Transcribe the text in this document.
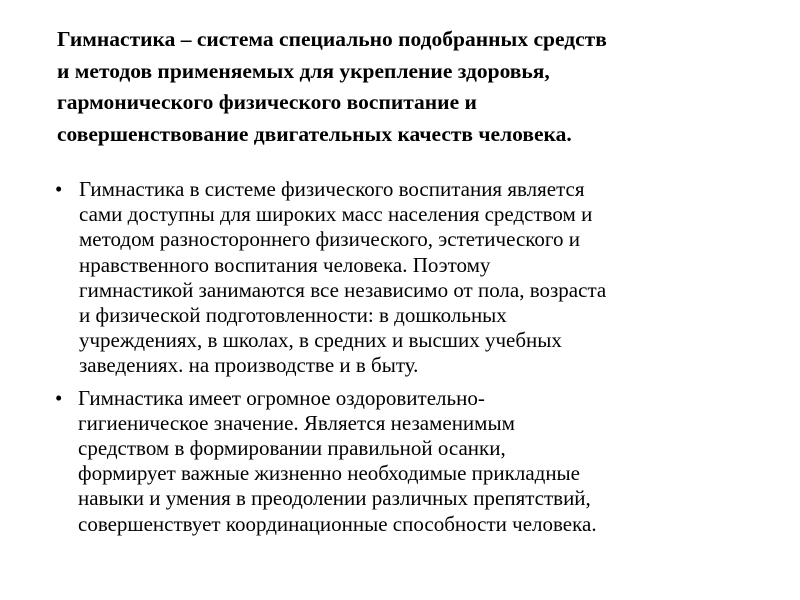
Гимнастика – система специально подобранных средств
и методов применяемых для укрепление здоровья,
гармонического физического воспитание и
совершенствование двигательных качеств человека.
• Гимнастика в системе физического воспитания является
сами доступны для широких масс населения средством и
методом разностороннего физического, эстетического и
нравственного воспитания человека. Поэтому
гимнастикой занимаются все независимо от пола, возраста
и физической подготовленности: в дошкольных
учреждениях, в школах, в средних и высших учебных
заведениях. на производстве и в быту.
• Гимнастика имеет огромное оздоровительно-
гигиеническое значение. Является незаменимым
средством в формировании правильной осанки,
формирует важные жизненно необходимые прикладные
навыки и умения в преодолении различных препятствий,
совершенствует координационные способности человека.
